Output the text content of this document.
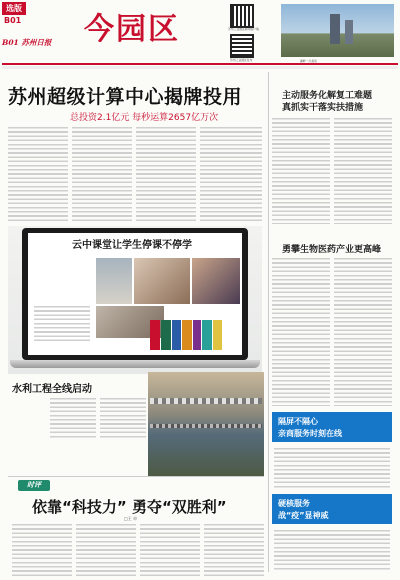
选版
B01
B01 苏州日报 今园区	苏州工业园区新闻客户端
苏州工业园区发布	湖畔一片美景
苏州超级计算中心揭牌投用
总投资2.1亿元 每秒运算2657亿万次
主动服务化解复工难题
真抓实干落实扶措施
勇攀生物医药产业更高峰
云中课堂让学生停课不停学
水利工程全线启动
隔屏不隔心
亲商服务时刻在线
硬核服务
战“疫”显神威
时评
依靠“科技力” 勇夺“双胜利”
□王 卓
